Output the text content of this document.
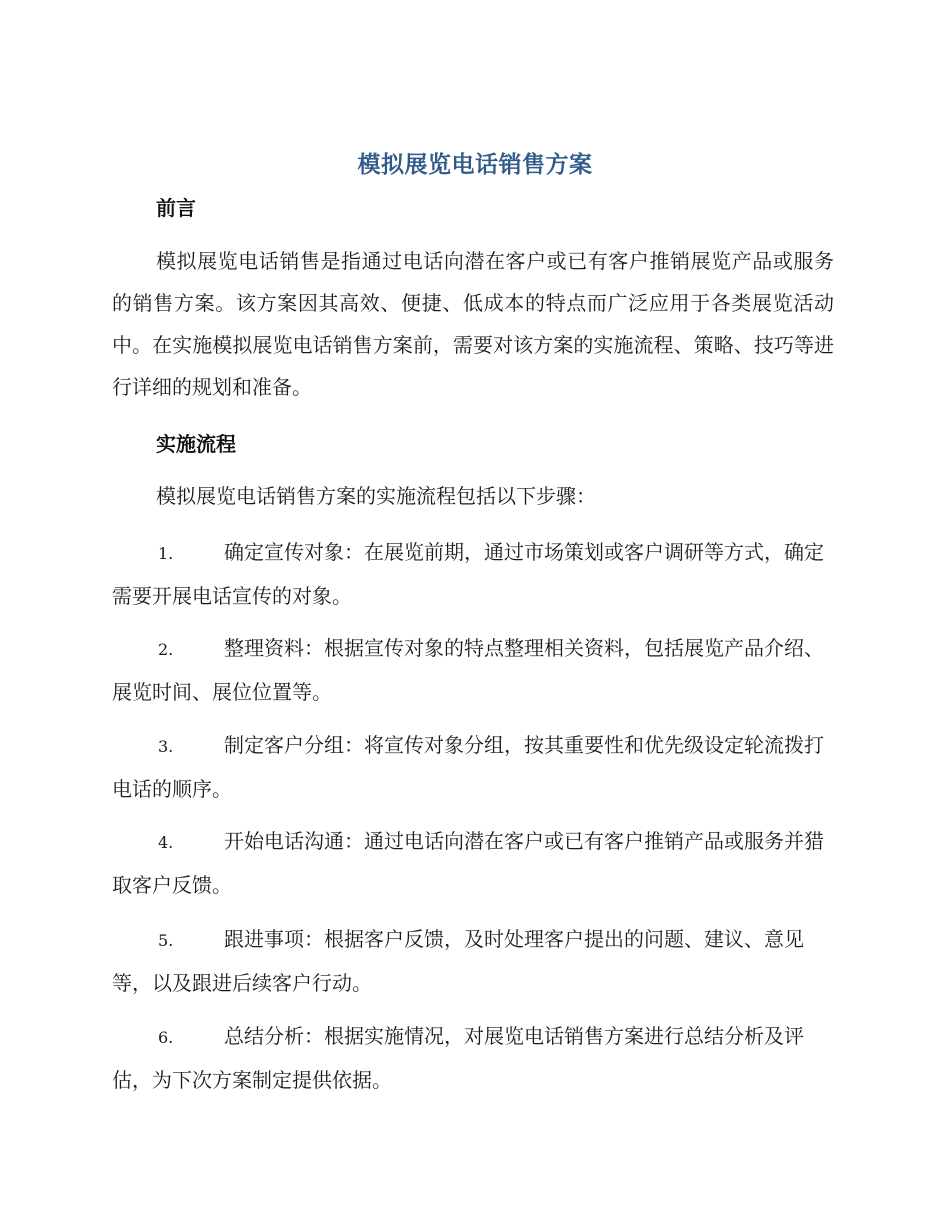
模拟展览电话销售方案
前言
模拟展览电话销售是指通过电话向潜在客户或已有客户推销展览产品或服务的销售方案。该方案因其高效、便捷、低成本的特点而广泛应用于各类展览活动中。在实施模拟展览电话销售方案前，需要对该方案的实施流程、策略、技巧等进行详细的规划和准备。
实施流程
模拟展览电话销售方案的实施流程包括以下步骤：
1.	确定宣传对象：在展览前期，通过市场策划或客户调研等方式，确定需要开展电话宣传的对象。
2.	整理资料：根据宣传对象的特点整理相关资料，包括展览产品介绍、展览时间、展位位置等。
3.	制定客户分组：将宣传对象分组，按其重要性和优先级设定轮流拨打电话的顺序。
4.	开始电话沟通：通过电话向潜在客户或已有客户推销产品或服务并猎取客户反馈。
5.	跟进事项：根据客户反馈，及时处理客户提出的问题、建议、意见等，以及跟进后续客户行动。
6.	总结分析：根据实施情况，对展览电话销售方案进行总结分析及评估，为下次方案制定提供依据。
